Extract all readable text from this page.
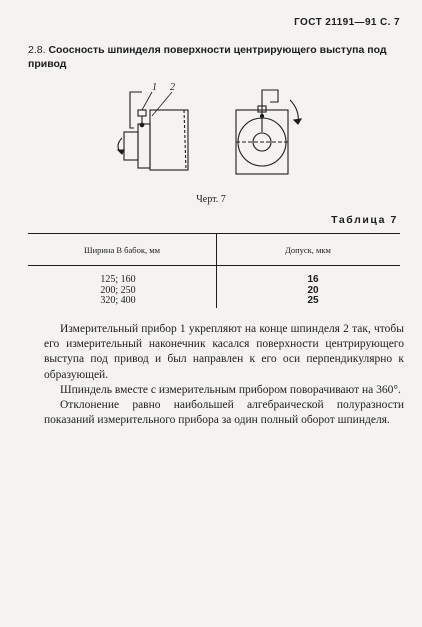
ГОСТ 21191—91 С. 7
2.8. Соосность шпинделя поверхности центрирующего выступа под привод
1 2
Черт. 7
Таблица 7
Ширина B бабок, мм	Допуск, мкм
125; 160
200; 250
320; 400
16
20
25

Измерительный прибор 1 укрепляют на конце шпинделя 2 так, чтобы его измерительный наконечник касался поверхности центрирующего выступа под привод и был направлен к его оси перпендикулярно к образующей.

Шпиндель вместе с измерительным прибором поворачивают на 360°.

Отклонение равно наибольшей алгебраической полуразности показаний измерительного прибора за один полный оборот шпинделя.
